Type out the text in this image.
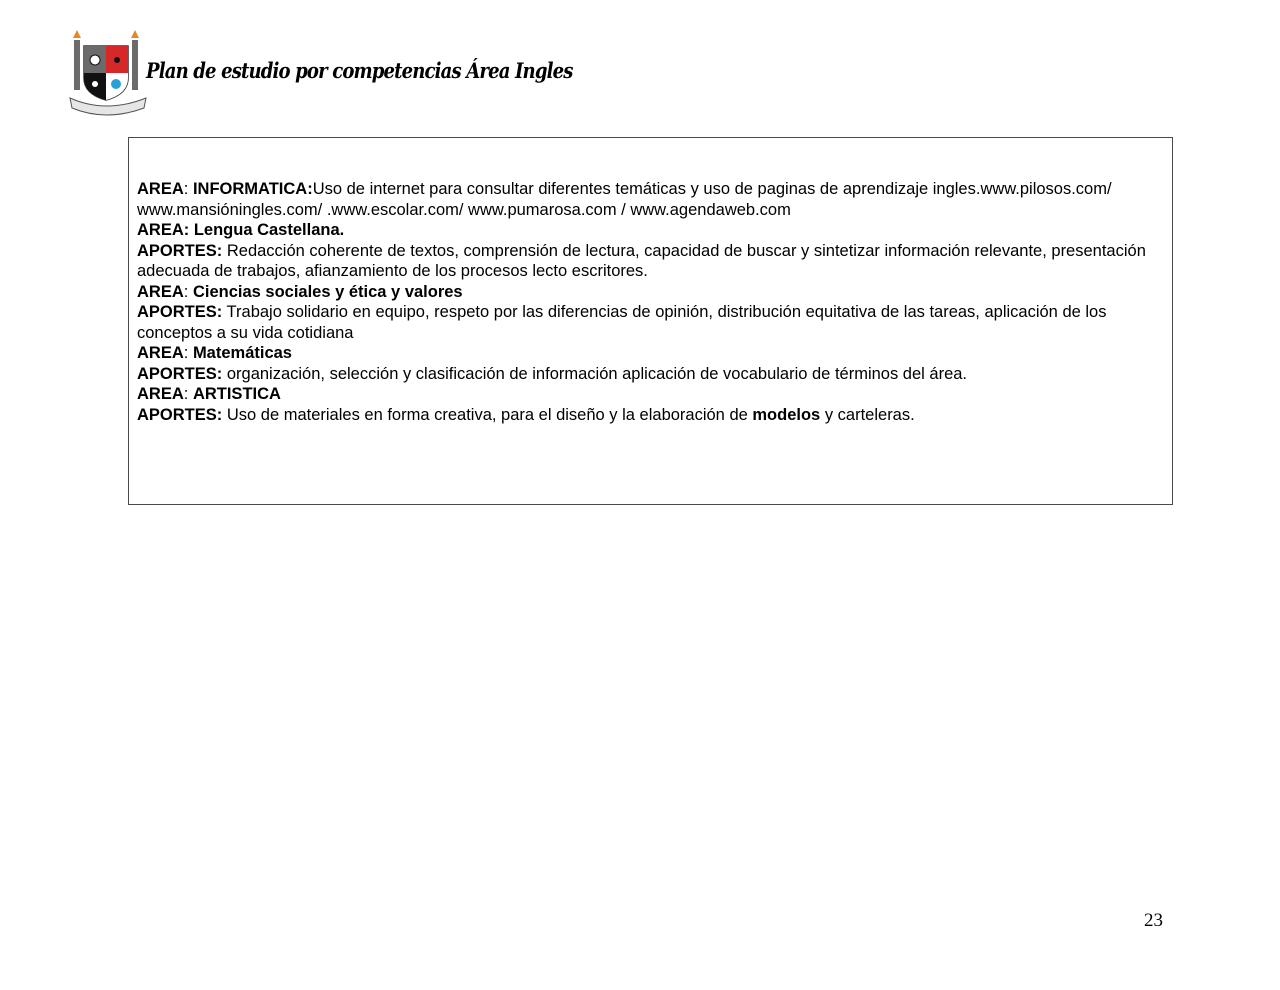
Plan de estudio por competencias Área Ingles
AREA: INFORMATICA:Uso de internet para consultar diferentes temáticas y uso de paginas de aprendizaje ingles.www.pilosos.com/ www.mansióningles.com/ .www.escolar.com/ www.pumarosa.com / www.agendaweb.com
AREA: Lengua Castellana.
APORTES: Redacción coherente de textos, comprensión de lectura, capacidad de buscar y sintetizar información relevante, presentación adecuada de trabajos, afianzamiento de los procesos lecto escritores.
AREA: Ciencias sociales y ética y valores
APORTES: Trabajo solidario en equipo, respeto por las diferencias de opinión, distribución equitativa de las tareas, aplicación de los conceptos a su vida cotidiana
AREA: Matemáticas
APORTES: organización, selección y clasificación de información aplicación de vocabulario de términos del área.
AREA: ARTISTICA
APORTES: Uso de materiales en forma creativa, para el diseño y la elaboración de modelos y carteleras.
23
